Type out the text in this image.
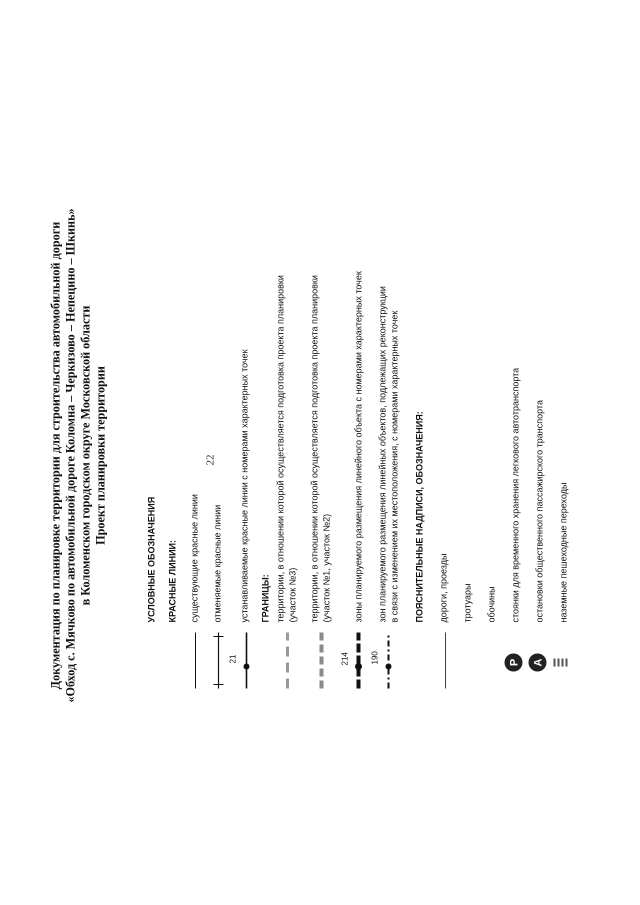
22
Документация по планировке территории для строительства автомобильной дороги «Обход с. Мячково по автомобильной дороге Коломна – Черкизово – Непецино – Шкинь» в Коломенском городском округе Московской области Проект планировки территории
УСЛОВНЫЕ ОБОЗНАЧЕНИЯ КРАСНЫЕ ЛИНИИ: существующие красные линии отменяемые красные линии
21
устанавливаемые красные линии с номерами характерных точек ГРАНИЦЫ: территории, в отношении которой осуществляется подготовка проекта планировки (участок №3) территории, в отношении которой осуществляется подготовка проекта планировки (участок №1, участок №2)
214
зоны планируемого размещения линейного объекта с номерами характерных точек
190
зон планируемого размещения линейных объектов, подлежащих реконструкции в связи с изменением их местоположения, с номерами характерных точек ПОЯСНИТЕЛЬНЫЕ НАДПИСИ, ОБОЗНАЧЕНИЯ: дороги, проезды тротуары обочины
P
стоянки для временного хранения легкового автотранспорта
A
остановки общественного пассажирского транспорта наземные пешеходные переходы
